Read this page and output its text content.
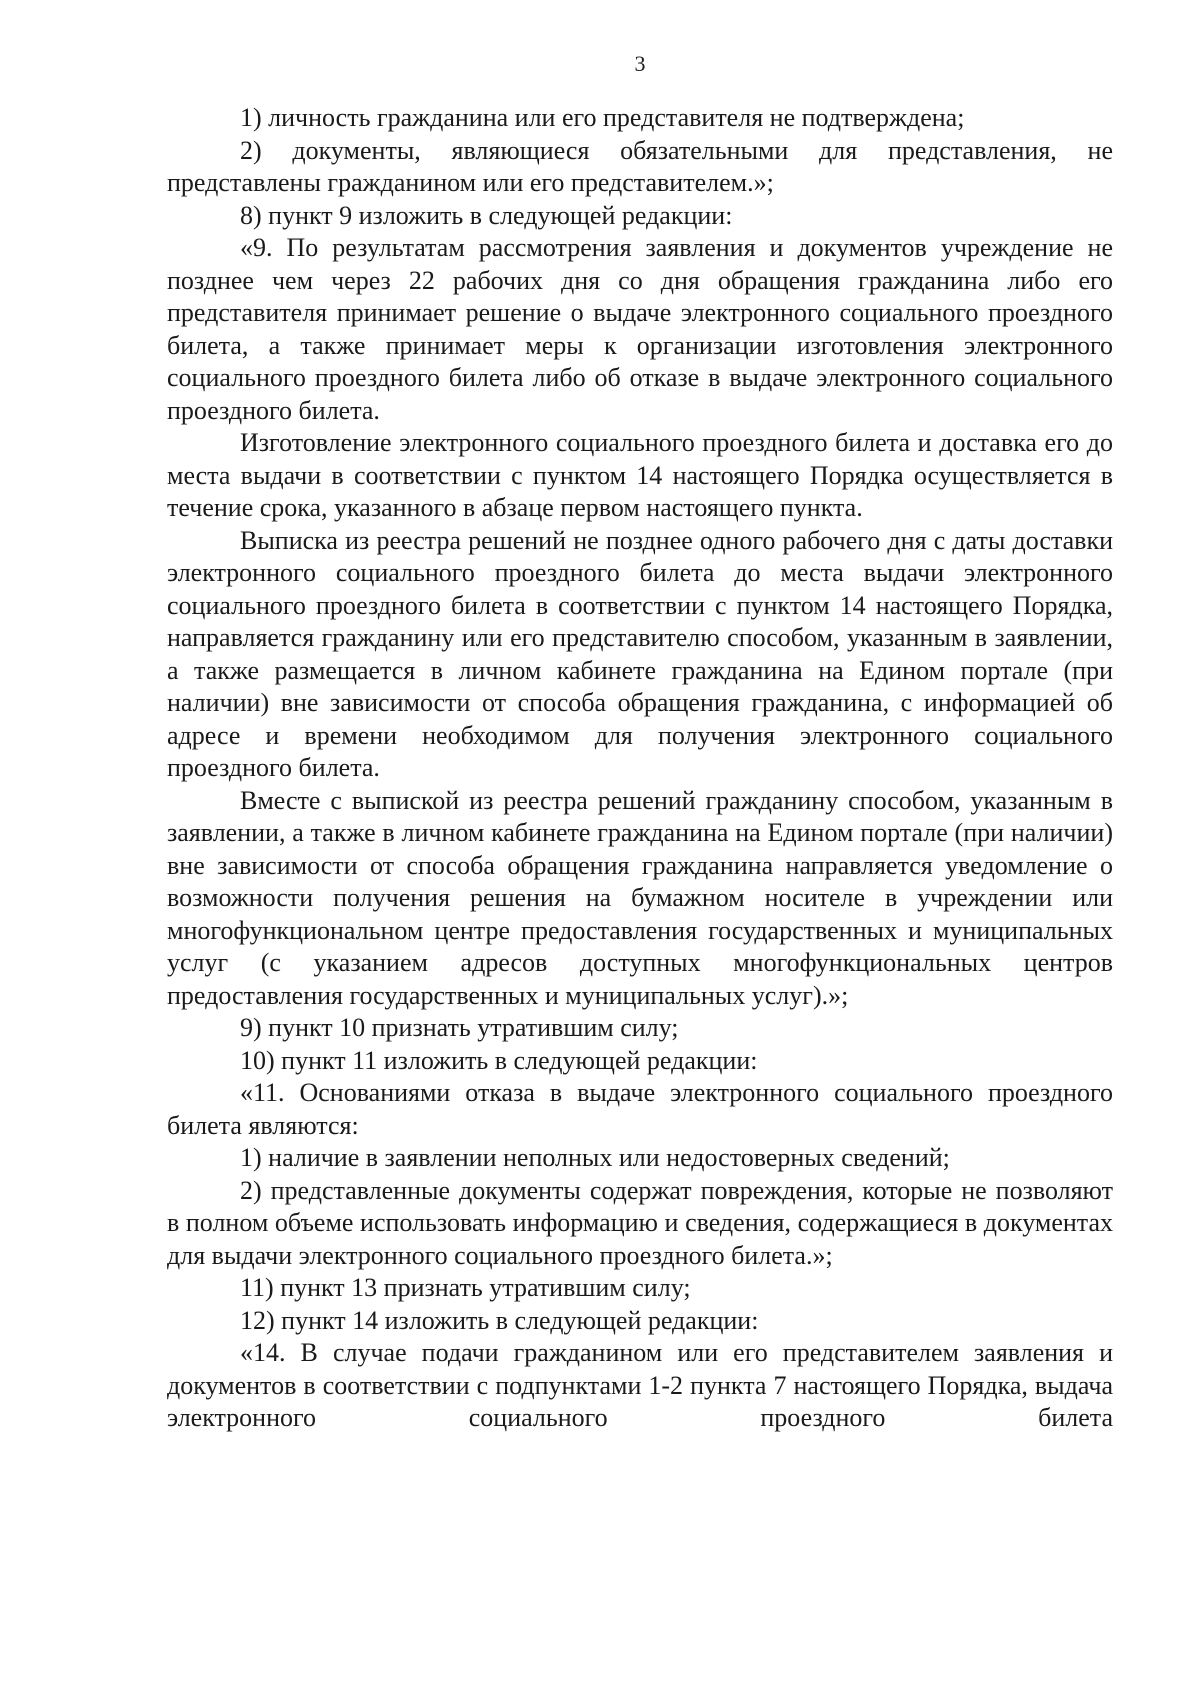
3

1) личность гражданина или его представителя не подтверждена;

2) документы, являющиеся обязательными для представления, не представлены гражданином или его представителем.»;

8) пункт 9 изложить в следующей редакции:

«9. По результатам рассмотрения заявления и документов учреждение не позднее чем через 22 рабочих дня со дня обращения гражданина либо его представителя принимает решение о выдаче электронного социального проездного билета, а также принимает меры к организации изготовления электронного социального проездного билета либо об отказе в выдаче электронного социального проездного билета.

Изготовление электронного социального проездного билета и доставка его до места выдачи в соответствии с пунктом 14 настоящего Порядка осуществляется в течение срока, указанного в абзаце первом настоящего пункта.

Выписка из реестра решений не позднее одного рабочего дня с даты доставки электронного социального проездного билета до места выдачи электронного социального проездного билета в соответствии с пунктом 14 настоящего Порядка, направляется гражданину или его представителю способом, указанным в заявлении, а также размещается в личном кабинете гражданина на Едином портале (при наличии) вне зависимости от способа обращения гражданина, с информацией об адресе и времени необходимом для получения электронного социального проездного билета.

Вместе с выпиской из реестра решений гражданину способом, указанным в заявлении, а также в личном кабинете гражданина на Едином портале (при наличии) вне зависимости от способа обращения гражданина направляется уведомление о возможности получения решения на бумажном носителе в учреждении или многофункциональном центре предоставления государственных и муниципальных услуг (с указанием адресов доступных многофункциональных центров предоставления государственных и муниципальных услуг).»;

9) пункт 10 признать утратившим силу;

10) пункт 11 изложить в следующей редакции:

«11. Основаниями отказа в выдаче электронного социального проездного билета являются:

1) наличие в заявлении неполных или недостоверных сведений;

2) представленные документы содержат повреждения, которые не позволяют в полном объеме использовать информацию и сведения, содержащиеся в документах для выдачи электронного социального проездного билета.»;

11) пункт 13 признать утратившим силу;

12) пункт 14 изложить в следующей редакции:

«14. В случае подачи гражданином или его представителем заявления и документов в соответствии с подпунктами 1-2 пункта 7 настоящего Порядка, выдача электронного социального проездного билета
